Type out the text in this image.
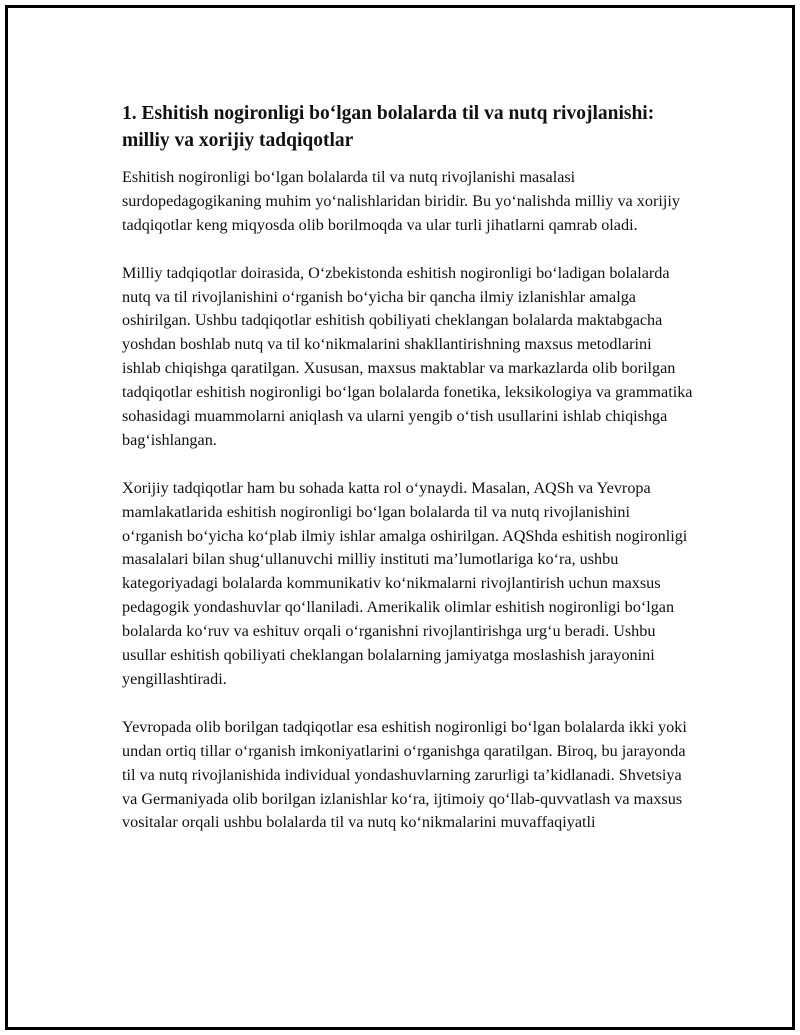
1. Eshitish nogironligi bo‘lgan bolalarda til va nutq rivojlanishi: milliy va xorijiy tadqiqotlar

Eshitish nogironligi bo‘lgan bolalarda til va nutq rivojlanishi masalasi surdopedagogikaning muhim yo‘nalishlaridan biridir. Bu yo‘nalishda milliy va xorijiy tadqiqotlar keng miqyosda olib borilmoqda va ular turli jihatlarni qamrab oladi.

Milliy tadqiqotlar doirasida, O‘zbekistonda eshitish nogironligi bo‘ladigan bolalarda nutq va til rivojlanishini o‘rganish bo‘yicha bir qancha ilmiy izlanishlar amalga oshirilgan. Ushbu tadqiqotlar eshitish qobiliyati cheklangan bolalarda maktabgacha yoshdan boshlab nutq va til ko‘nikmalarini shakllantirishning maxsus metodlarini ishlab chiqishga qaratilgan. Xususan, maxsus maktablar va markazlarda olib borilgan tadqiqotlar eshitish nogironligi bo‘lgan bolalarda fonetika, leksikologiya va grammatika sohasidagi muammolarni aniqlash va ularni yengib o‘tish usullarini ishlab chiqishga bag‘ishlangan.

Xorijiy tadqiqotlar ham bu sohada katta rol o‘ynaydi. Masalan, AQSh va Yevropa mamlakatlarida eshitish nogironligi bo‘lgan bolalarda til va nutq rivojlanishini o‘rganish bo‘yicha ko‘plab ilmiy ishlar amalga oshirilgan. AQShda eshitish nogironligi masalalari bilan shug‘ullanuvchi milliy instituti ma’lumotlariga ko‘ra, ushbu kategoriyadagi bolalarda kommunikativ ko‘nikmalarni rivojlantirish uchun maxsus pedagogik yondashuvlar qo‘llaniladi. Amerikalik olimlar eshitish nogironligi bo‘lgan bolalarda ko‘ruv va eshituv orqali o‘rganishni rivojlantirishga urg‘u beradi. Ushbu usullar eshitish qobiliyati cheklangan bolalarning jamiyatga moslashish jarayonini yengillashtiradi.

Yevropada olib borilgan tadqiqotlar esa eshitish nogironligi bo‘lgan bolalarda ikki yoki undan ortiq tillar o‘rganish imkoniyatlarini o‘rganishga qaratilgan. Biroq, bu jarayonda til va nutq rivojlanishida individual yondashuvlarning zarurligi ta’kidlanadi. Shvetsiya va Germaniyada olib borilgan izlanishlar ko‘ra, ijtimoiy qo‘llab-quvvatlash va maxsus vositalar orqali ushbu bolalarda til va nutq ko‘nikmalarini muvaffaqiyatli
